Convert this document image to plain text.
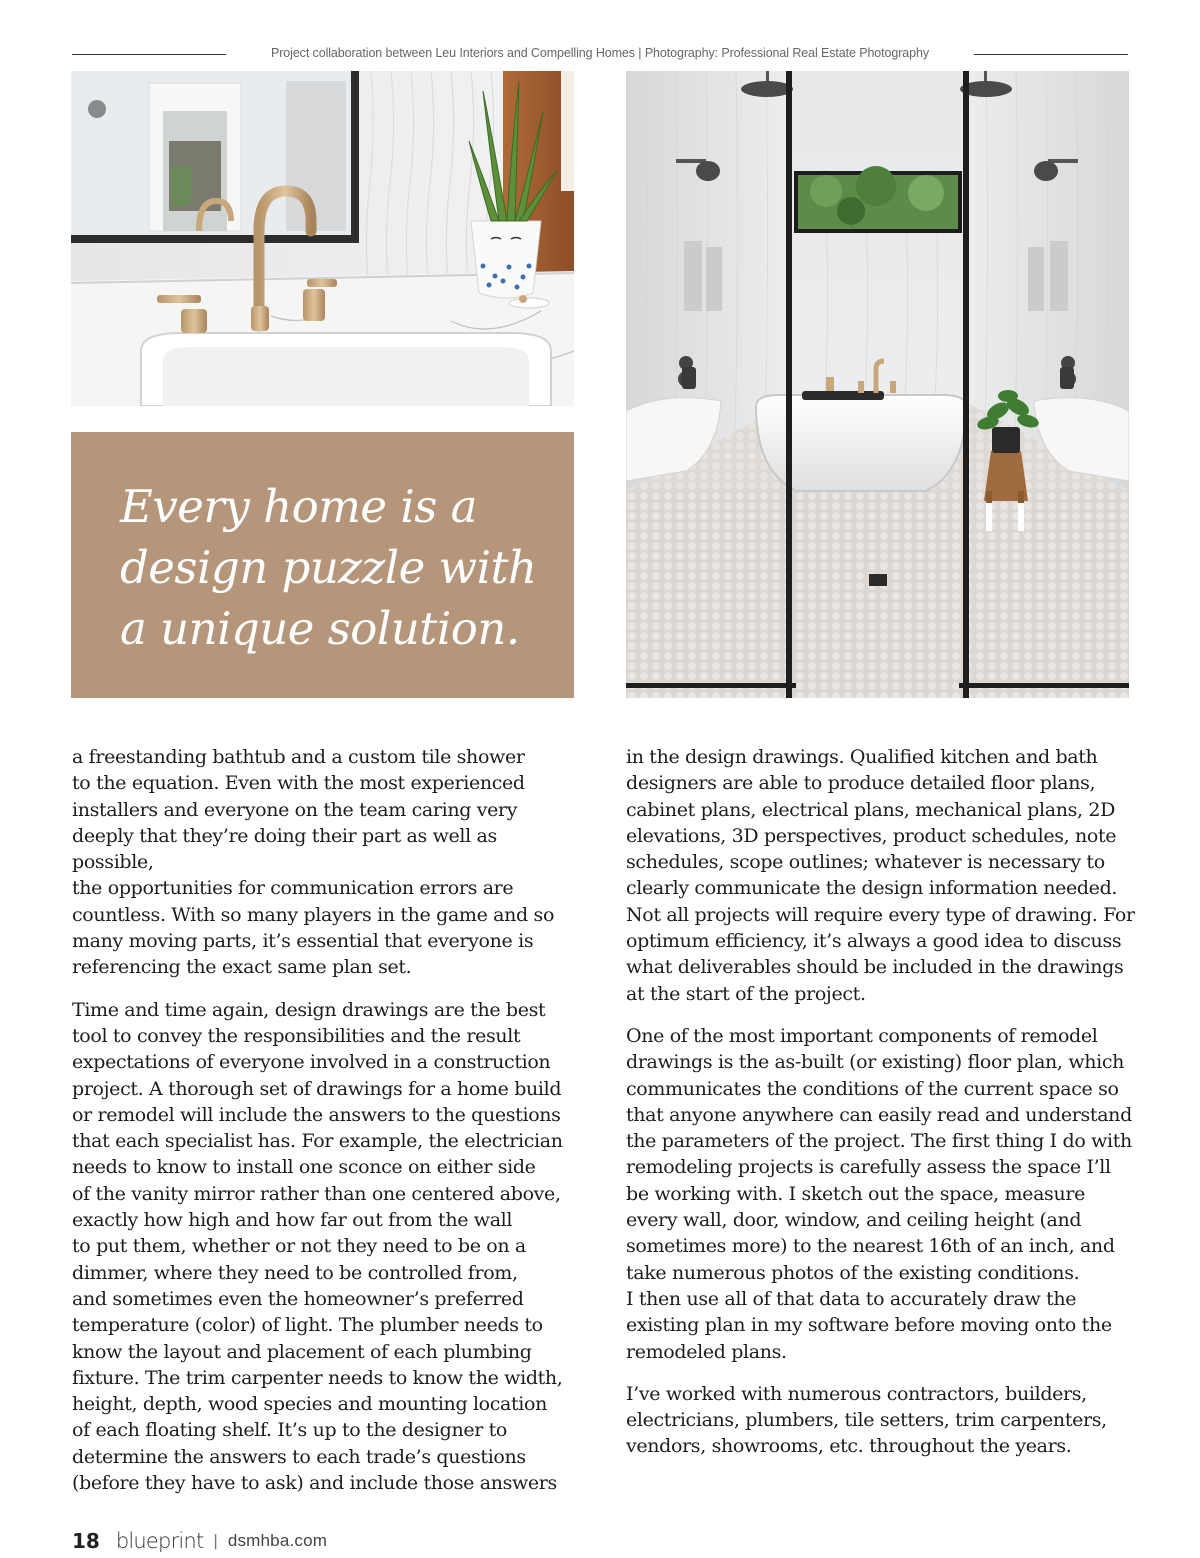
Project collaboration between Leu Interiors and Compelling Homes | Photography: Professional Real Estate Photography
Every home is a
design puzzle with
a unique solution.

a freestanding bathtub and a custom tile shower
to the equation. Even with the most experienced
installers and everyone on the team caring very
deeply that they’re doing their part as well as possible,
the opportunities for communication errors are
countless. With so many players in the game and so
many moving parts, it’s essential that everyone is
referencing the exact same plan set.

Time and time again, design drawings are the best
tool to convey the responsibilities and the result
expectations of everyone involved in a construction
project. A thorough set of drawings for a home build
or remodel will include the answers to the questions
that each specialist has. For example, the electrician
needs to know to install one sconce on either side
of the vanity mirror rather than one centered above,
exactly how high and how far out from the wall
to put them, whether or not they need to be on a
dimmer, where they need to be controlled from,
and sometimes even the homeowner’s preferred
temperature (color) of light. The plumber needs to
know the layout and placement of each plumbing
fixture. The trim carpenter needs to know the width,
height, depth, wood species and mounting location
of each floating shelf. It’s up to the designer to
determine the answers to each trade’s questions
(before they have to ask) and include those answers

in the design drawings. Qualified kitchen and bath
designers are able to produce detailed floor plans,
cabinet plans, electrical plans, mechanical plans, 2D
elevations, 3D perspectives, product schedules, note
schedules, scope outlines; whatever is necessary to
clearly communicate the design information needed.
Not all projects will require every type of drawing. For
optimum efficiency, it’s always a good idea to discuss
what deliverables should be included in the drawings
at the start of the project.

One of the most important components of remodel
drawings is the as-built (or existing) floor plan, which
communicates the conditions of the current space so
that anyone anywhere can easily read and understand
the parameters of the project. The first thing I do with
remodeling projects is carefully assess the space I’ll
be working with. I sketch out the space, measure
every wall, door, window, and ceiling height (and
sometimes more) to the nearest 16th of an inch, and
take numerous photos of the existing conditions.
I then use all of that data to accurately draw the
existing plan in my software before moving onto the
remodeled plans.

I’ve worked with numerous contractors, builders,
electricians, plumbers, tile setters, trim carpenters,
vendors, showrooms, etc. throughout the years.

18 blueprint | dsmhba.com
